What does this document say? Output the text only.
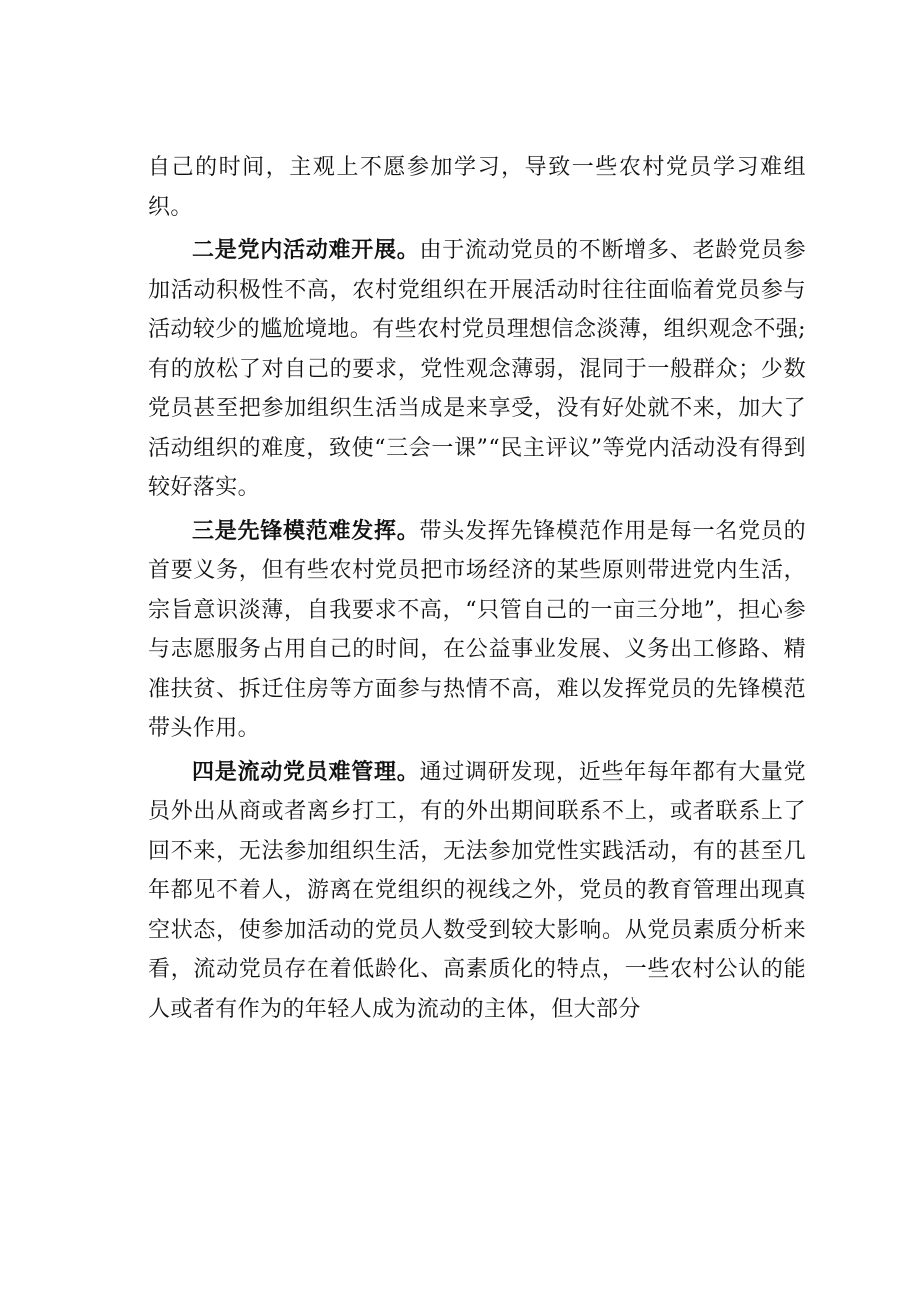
自己的时间，主观上不愿参加学习，导致一些农村党员学习难组织。

二是党内活动难开展。由于流动党员的不断增多、老龄党员参加活动积极性不高，农村党组织在开展活动时往往面临着党员参与活动较少的尴尬境地。有些农村党员理想信念淡薄，组织观念不强;有的放松了对自己的要求，党性观念薄弱，混同于一般群众；少数党员甚至把参加组织生活当成是来享受，没有好处就不来，加大了活动组织的难度，致使“三会一课”“民主评议”等党内活动没有得到较好落实。

三是先锋模范难发挥。带头发挥先锋模范作用是每一名党员的首要义务，但有些农村党员把市场经济的某些原则带进党内生活，宗旨意识淡薄，自我要求不高，“只管自己的一亩三分地”，担心参与志愿服务占用自己的时间，在公益事业发展、义务出工修路、精准扶贫、拆迁住房等方面参与热情不高，难以发挥党员的先锋模范带头作用。

四是流动党员难管理。通过调研发现，近些年每年都有大量党员外出从商或者离乡打工，有的外出期间联系不上，或者联系上了回不来，无法参加组织生活，无法参加党性实践活动，有的甚至几年都见不着人，游离在党组织的视线之外，党员的教育管理出现真空状态，使参加活动的党员人数受到较大影响。从党员素质分析来看，流动党员存在着低龄化、高素质化的特点，一些农村公认的能人或者有作为的年轻人成为流动的主体，但大部分
